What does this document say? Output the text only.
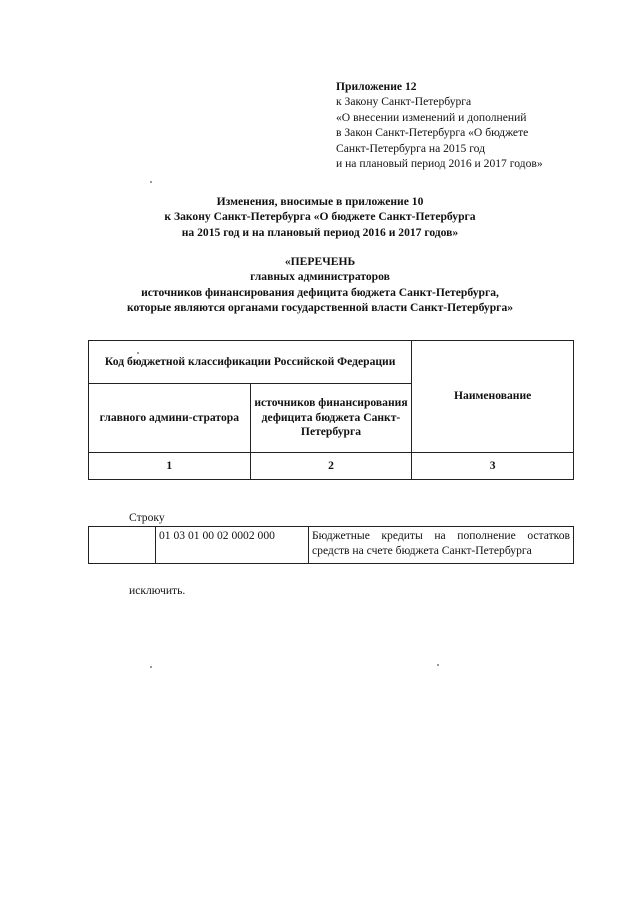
Приложение 12
к Закону Санкт-Петербурга
«О внесении изменений и дополнений
в Закон Санкт-Петербурга «О бюджете
Санкт-Петербурга на 2015 год
и на плановый период 2016 и 2017 годов»
Изменения, вносимые в приложение 10
к Закону Санкт-Петербурга «О бюджете Санкт-Петербурга
на 2015 год и на плановый период 2016 и 2017 годов»
«ПЕРЕЧЕНЬ
главных администраторов
источников финансирования дефицита бюджета Санкт-Петербурга,
которые являются органами государственной власти Санкт-Петербурга»
Код бюджетной классификации Российской Федерации		Наименование
главного админи-стратора	источников финансирования дефицита бюджета Санкт-Петербурга	
1	2	3
Строку
	01 03 01 00 02 0002 000	Бюджетные кредиты на пополнение остатков средств на счете бюджета Санкт-Петербурга
исключить.
